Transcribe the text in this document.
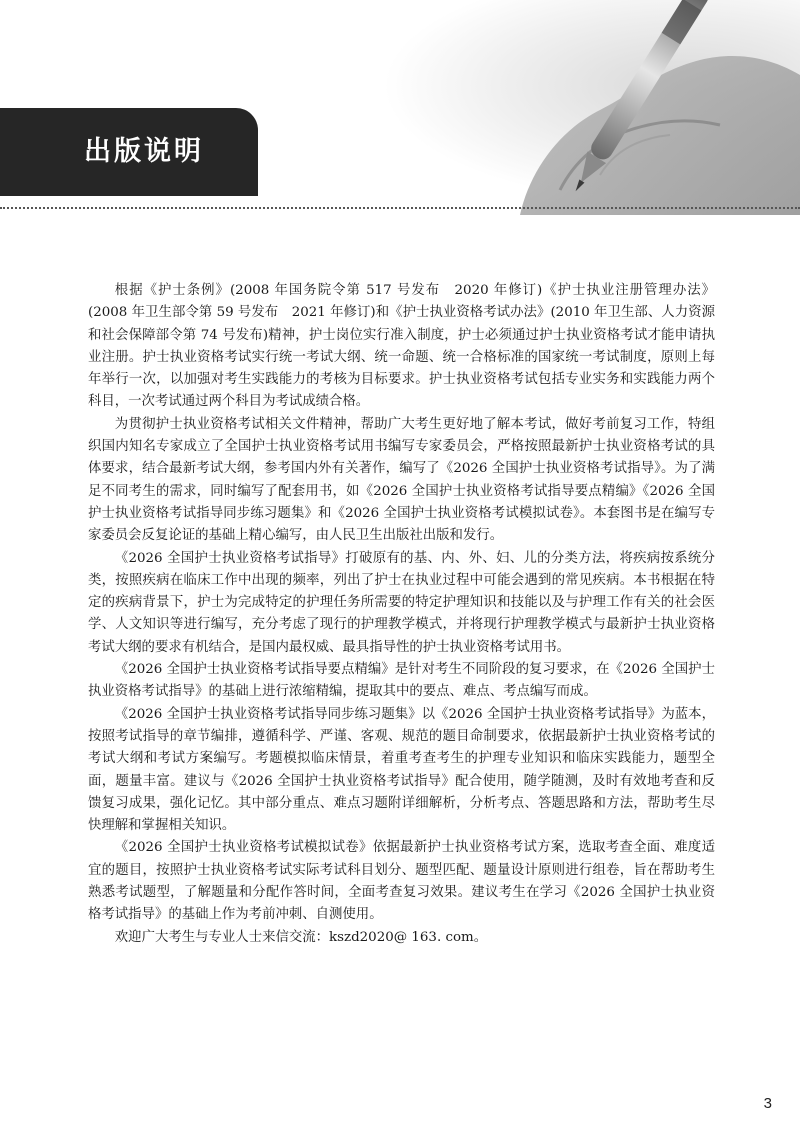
出版说明

根据《护士条例》(2008 年国务院令第 517 号发布　2020 年修订)《护士执业注册管理办法》(2008 年卫生部令第 59 号发布　2021 年修订)和《护士执业资格考试办法》(2010 年卫生部、人力资源和社会保障部令第 74 号发布)精神，护士岗位实行准入制度，护士必须通过护士执业资格考试才能申请执业注册。护士执业资格考试实行统一考试大纲、统一命题、统一合格标准的国家统一考试制度，原则上每年举行一次，以加强对考生实践能力的考核为目标要求。护士执业资格考试包括专业实务和实践能力两个科目，一次考试通过两个科目为考试成绩合格。

为贯彻护士执业资格考试相关文件精神，帮助广大考生更好地了解本考试，做好考前复习工作，特组织国内知名专家成立了全国护士执业资格考试用书编写专家委员会，严格按照最新护士执业资格考试的具体要求，结合最新考试大纲，参考国内外有关著作，编写了《2026 全国护士执业资格考试指导》。为了满足不同考生的需求，同时编写了配套用书，如《2026 全国护士执业资格考试指导要点精编》《2026 全国护士执业资格考试指导同步练习题集》和《2026 全国护士执业资格考试模拟试卷》。本套图书是在编写专家委员会反复论证的基础上精心编写，由人民卫生出版社出版和发行。

《2026 全国护士执业资格考试指导》打破原有的基、内、外、妇、儿的分类方法，将疾病按系统分类，按照疾病在临床工作中出现的频率，列出了护士在执业过程中可能会遇到的常见疾病。本书根据在特定的疾病背景下，护士为完成特定的护理任务所需要的特定护理知识和技能以及与护理工作有关的社会医学、人文知识等进行编写，充分考虑了现行的护理教学模式，并将现行护理教学模式与最新护士执业资格考试大纲的要求有机结合，是国内最权威、最具指导性的护士执业资格考试用书。

《2026 全国护士执业资格考试指导要点精编》是针对考生不同阶段的复习要求，在《2026 全国护士执业资格考试指导》的基础上进行浓缩精编，提取其中的要点、难点、考点编写而成。

《2026 全国护士执业资格考试指导同步练习题集》以《2026 全国护士执业资格考试指导》为蓝本，按照考试指导的章节编排，遵循科学、严谨、客观、规范的题目命制要求，依据最新护士执业资格考试的考试大纲和考试方案编写。考题模拟临床情景，着重考查考生的护理专业知识和临床实践能力，题型全面，题量丰富。建议与《2026 全国护士执业资格考试指导》配合使用，随学随测，及时有效地考查和反馈复习成果，强化记忆。其中部分重点、难点习题附详细解析，分析考点、答题思路和方法，帮助考生尽快理解和掌握相关知识。

《2026 全国护士执业资格考试模拟试卷》依据最新护士执业资格考试方案，选取考查全面、难度适宜的题目，按照护士执业资格考试实际考试科目划分、题型匹配、题量设计原则进行组卷，旨在帮助考生熟悉考试题型，了解题量和分配作答时间，全面考查复习效果。建议考生在学习《2026 全国护士执业资格考试指导》的基础上作为考前冲刺、自测使用。

欢迎广大考生与专业人士来信交流：kszd2020@ 163. com。

3
